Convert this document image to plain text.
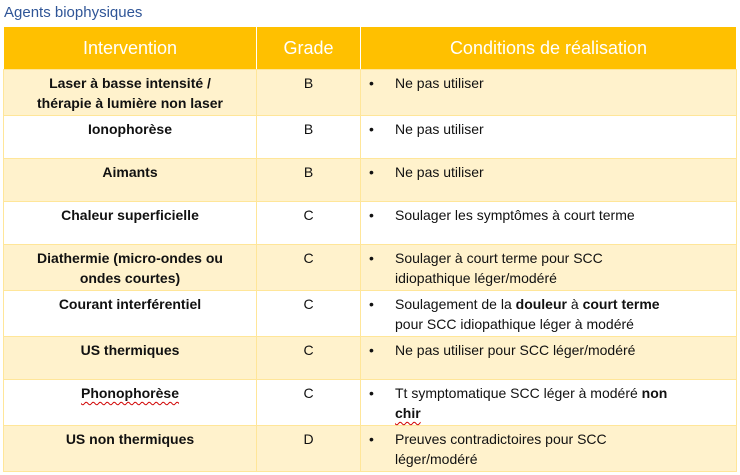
Agents biophysiques
Intervention	Grade	Conditions de réalisation
Laser à basse intensité /
thérapie à lumière non laser	B	• Ne pas utiliser

Ionophorèse	B	• Ne pas utiliser

Aimants	B	• Ne pas utiliser

Chaleur superficielle	C	• Soulager les symptômes à court terme

Diathermie (micro-ondes ou
ondes courtes)	C	• Soulager à court terme pour SCC
idiopathique léger/modéré

Courant interférentiel	C	• Soulagement de la douleur à court terme
pour SCC idiopathique léger à modéré

US thermiques	C	• Ne pas utiliser pour SCC léger/modéré

Phonophorèse	C	• Tt symptomatique SCC léger à modéré non
chir

US non thermiques	D	• Preuves contradictoires pour SCC
léger/modéré
